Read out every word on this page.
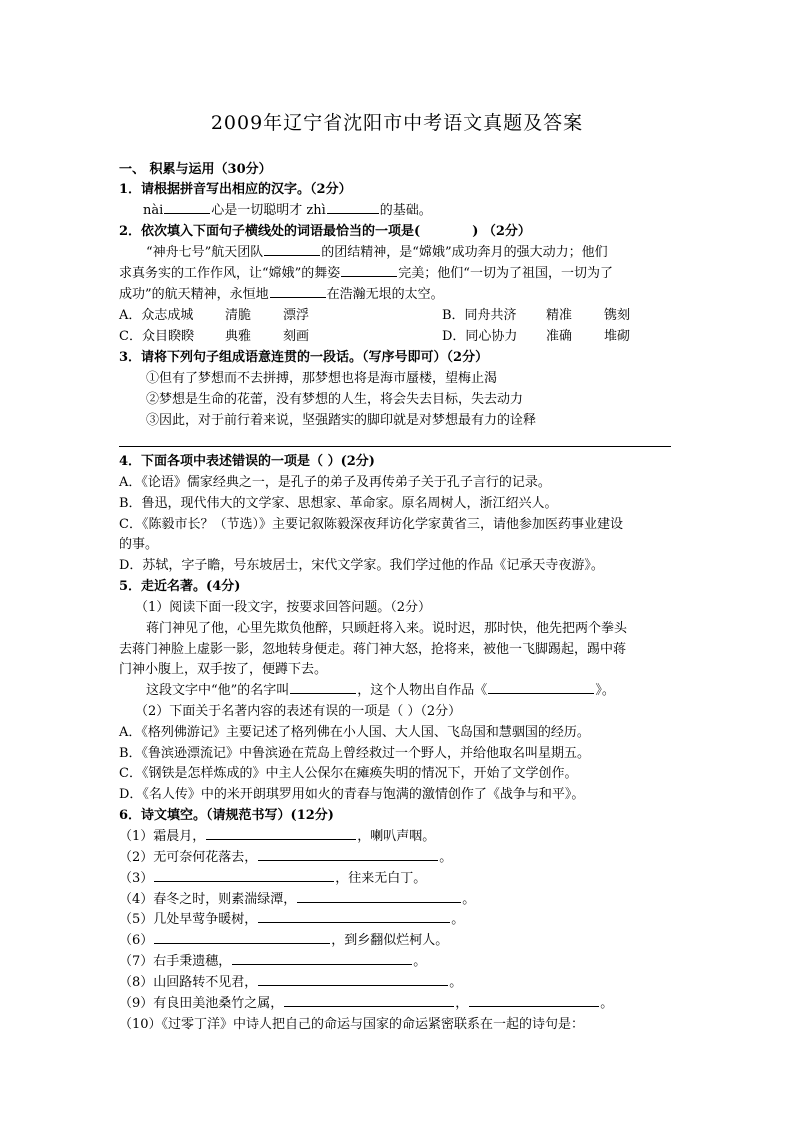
2009年辽宁省沈阳市中考语文真题及答案
一、 积累与运用（30分）
1．请根据拼音写出相应的汉字。（2分）
nài	心是一切聪明才 zhì	的基础。
2．依次填入下面句子横线处的词语最恰当的一项是(	) （2分）
“神舟七号”航天团队	的团结精神，是“嫦娥”成功奔月的强大动力；他们
求真务实的工作作风，让“嫦娥”的舞姿	完美；他们“一切为了祖国，一切为了
成功”的航天精神，永恒地	在浩瀚无垠的太空。
A．众志成城 清脆 漂浮	B．同舟共济 精准 镌刻
C．众目睽睽 典雅 刻画	D．同心协力 准确 堆砌
3．请将下列句子组成语意连贯的一段话。（写序号即可）（2分）
①但有了梦想而不去拼搏，那梦想也将是海市蜃楼，望梅止渴
②梦想是生命的花蕾，没有梦想的人生，将会失去目标，失去动力
③因此，对于前行着来说，坚强踏实的脚印就是对梦想最有力的诠释
4．下面各项中表述错误的一项是（ ）(2分)
A．《论语》儒家经典之一，是孔子的弟子及再传弟子关于孔子言行的记录。
B．鲁迅，现代伟大的文学家、思想家、革命家。原名周树人，浙江绍兴人。
C．《陈毅市长？（节选）》主要记叙陈毅深夜拜访化学家黄省三，请他参加医药事业建设
的事。
D．苏轼，字子瞻，号东坡居士，宋代文学家。我们学过他的作品《记承天寺夜游》。
5．走近名著。(4分)
（1）阅读下面一段文字，按要求回答问题。（2分）
蒋门神见了他，心里先欺负他醉，只顾赶将入来。说时迟，那时快，他先把两个拳头
去蒋门神脸上虚影一影，忽地转身便走。蒋门神大怒，抢将来，被他一飞脚踢起，踢中蒋
门神小腹上，双手按了，便蹲下去。
这段文字中“他”的名字叫	，这个人物出自作品《	》。
（2）下面关于名著内容的表述有误的一项是（ ）（2分）
A．《格列佛游记》主要记述了格列佛在小人国、大人国、飞岛国和慧骃国的经历。
B．《鲁滨逊漂流记》中鲁滨逊在荒岛上曾经救过一个野人，并给他取名叫星期五。
C．《钢铁是怎样炼成的》中主人公保尔在瘫痪失明的情况下，开始了文学创作。
D．《名人传》中的米开朗琪罗用如火的青春与饱满的激情创作了《战争与和平》。
6．诗文填空。（请规范书写）(12分)
（1）霜晨月，	，喇叭声咽。
（2）无可奈何花落去，	。
（3）	，往来无白丁。
（4）春冬之时，则素湍绿潭，	。
（5）几处早莺争暖树，	。
（6）	，到乡翻似烂柯人。
（7）右手秉遗穗，	。
（8）山回路转不见君，	。
（9）有良田美池桑竹之属，	，	。
（10）《过零丁洋》中诗人把自己的命运与国家的命运紧密联系在一起的诗句是：
